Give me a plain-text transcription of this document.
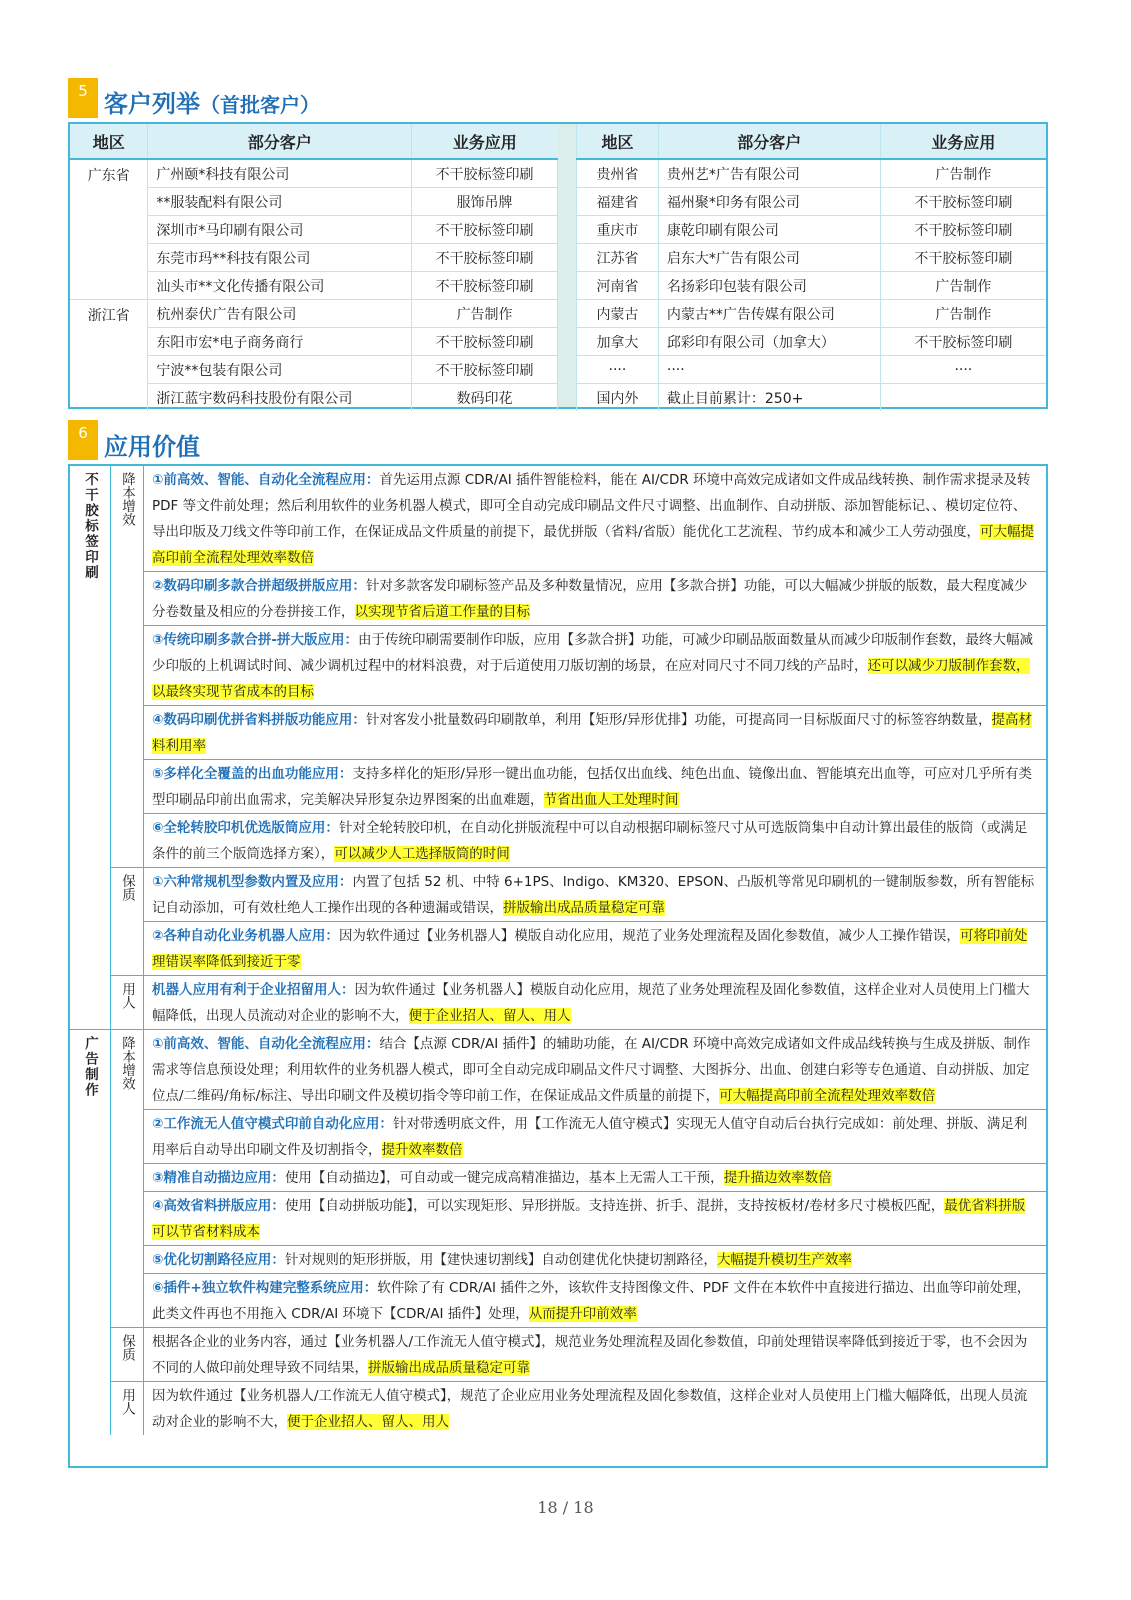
5 客户列举（首批客户）
地区	部分客户	业务应用
广东省	广州颐*科技有限公司	不干胶标签印刷
	**服装配料有限公司	服饰吊牌
	深圳市*马印刷有限公司	不干胶标签印刷
	东莞市玛**科技有限公司	不干胶标签印刷
	汕头市**文化传播有限公司	不干胶标签印刷
浙江省	杭州泰伏广告有限公司	广告制作
	东阳市宏*电子商务商行	不干胶标签印刷
	宁波**包装有限公司	不干胶标签印刷
	浙江蓝宇数码科技股份有限公司	数码印花
地区	部分客户	业务应用
贵州省	贵州艺*广告有限公司	广告制作
福建省	福州聚*印务有限公司	不干胶标签印刷
重庆市	康乾印刷有限公司	不干胶标签印刷
江苏省	启东大*广告有限公司	不干胶标签印刷
河南省	名扬彩印包装有限公司	广告制作
内蒙古	内蒙古**广告传媒有限公司	广告制作
加拿大	邱彩印有限公司（加拿大）	不干胶标签印刷
····	····	····
国内外	截止目前累计：250+	
6 应用价值
不干胶标签印刷	降本增效	①前高效、智能、自动化全流程应用：首先运用点源 CDR/AI 插件智能检料，能在 AI/CDR 环境中高效完成诸如文件成品线转换、制作需求提录及转 PDF 等文件前处理；然后利用软件的业务机器人模式，即可全自动完成印刷品文件尺寸调整、出血制作、自动拼版、添加智能标记、、模切定位符、导出印版及刀线文件等印前工作，在保证成品文件质量的前提下，最优拼版（省料/省版）能优化工艺流程、节约成本和减少工人劳动强度，可大幅提高印前全流程处理效率数倍
		②数码印刷多款合拼超级拼版应用：针对多款客发印刷标签产品及多种数量情况，应用【多款合拼】功能，可以大幅减少拼版的版数，最大程度减少分卷数量及相应的分卷拼接工作，以实现节省后道工作量的目标
		③传统印刷多款合拼-拼大版应用：由于传统印刷需要制作印版，应用【多款合拼】功能，可减少印刷品版面数量从而减少印版制作套数，最终大幅减少印版的上机调试时间、减少调机过程中的材料浪费，对于后道使用刀版切割的场景，在应对同尺寸不同刀线的产品时，还可以减少刀版制作套数，以最终实现节省成本的目标
		④数码印刷优拼省料拼版功能应用：针对客发小批量数码印刷散单，利用【矩形/异形优排】功能，可提高同一目标版面尺寸的标签容纳数量，提高材料利用率
		⑤多样化全覆盖的出血功能应用：支持多样化的矩形/异形一键出血功能，包括仅出血线、纯色出血、镜像出血、智能填充出血等，可应对几乎所有类型印刷品印前出血需求，完美解决异形复杂边界图案的出血难题，节省出血人工处理时间
		⑥全轮转胶印机优选版筒应用：针对全轮转胶印机，在自动化拼版流程中可以自动根据印刷标签尺寸从可选版筒集中自动计算出最佳的版筒（或满足条件的前三个版筒选择方案），可以减少人工选择版筒的时间
	保质	①六种常规机型参数内置及应用：内置了包括 52 机、中特 6+1PS、Indigo、KM320、EPSON、凸版机等常见印刷机的一键制版参数，所有智能标记自动添加，可有效杜绝人工操作出现的各种遗漏或错误，拼版输出成品质量稳定可靠
		②各种自动化业务机器人应用：因为软件通过【业务机器人】模版自动化应用，规范了业务处理流程及固化参数值，减少人工操作错误，可将印前处理错误率降低到接近于零
	用人	机器人应用有利于企业招留用人：因为软件通过【业务机器人】模版自动化应用，规范了业务处理流程及固化参数值，这样企业对人员使用上门槛大幅降低，出现人员流动对企业的影响不大，便于企业招人、留人、用人
广告制作	降本增效	①前高效、智能、自动化全流程应用：结合【点源 CDR/AI 插件】的辅助功能，在 AI/CDR 环境中高效完成诸如文件成品线转换与生成及拼版、制作需求等信息预设处理；利用软件的业务机器人模式，即可全自动完成印刷品文件尺寸调整、大图拆分、出血、创建白彩等专色通道、自动拼版、加定位点/二维码/角标/标注、导出印刷文件及模切指令等印前工作，在保证成品文件质量的前提下，可大幅提高印前全流程处理效率数倍
		②工作流无人值守模式印前自动化应用：针对带透明底文件，用【工作流无人值守模式】实现无人值守自动后台执行完成如：前处理、拼版、满足利用率后自动导出印刷文件及切割指令，提升效率数倍
		③精准自动描边应用：使用【自动描边】，可自动或一键完成高精准描边，基本上无需人工干预，提升描边效率数倍
		④高效省料拼版应用：使用【自动拼版功能】，可以实现矩形、异形拼版。支持连拼、折手、混拼，支持按板材/卷材多尺寸模板匹配，最优省料拼版可以节省材料成本
		⑤优化切割路径应用：针对规则的矩形拼版，用【建快速切割线】自动创建优化快捷切割路径，大幅提升模切生产效率
		⑥插件+独立软件构建完整系统应用：软件除了有 CDR/AI 插件之外，该软件支持图像文件、PDF 文件在本软件中直接进行描边、出血等印前处理，此类文件再也不用拖入 CDR/AI 环境下【CDR/AI 插件】处理，从而提升印前效率
	保质	根据各企业的业务内容，通过【业务机器人/工作流无人值守模式】，规范业务处理流程及固化参数值，印前处理错误率降低到接近于零，也不会因为不同的人做印前处理导致不同结果，拼版输出成品质量稳定可靠
	用人	因为软件通过【业务机器人/工作流无人值守模式】，规范了企业应用业务处理流程及固化参数值，这样企业对人员使用上门槛大幅降低，出现人员流动对企业的影响不大，便于企业招人、留人、用人
18 / 18
